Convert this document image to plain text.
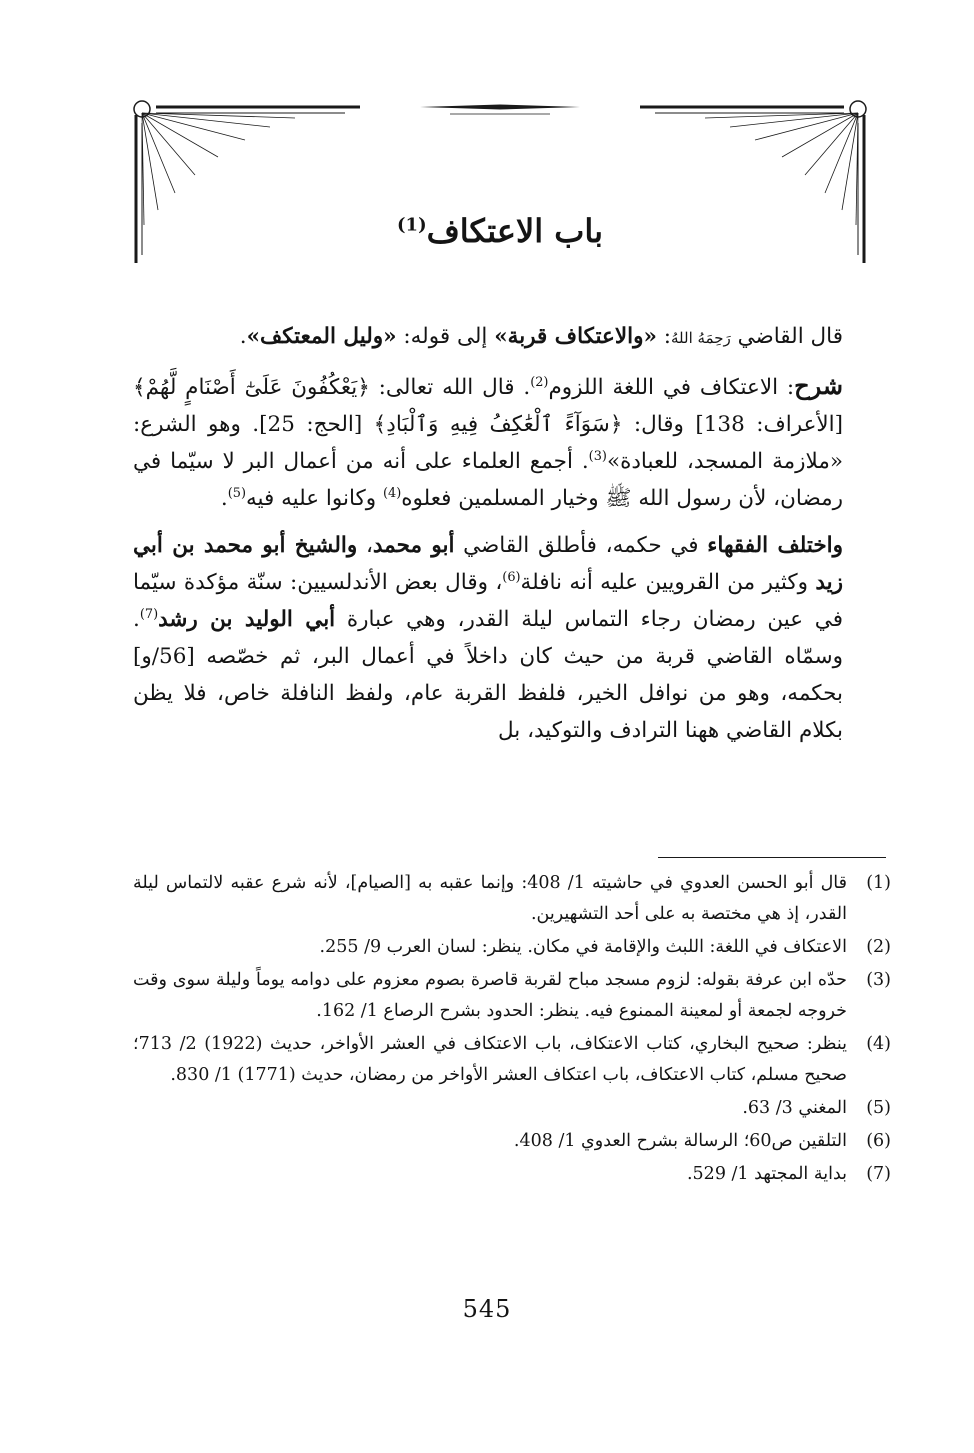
باب الاعتكاف$^{(1)}$

قال القاضي رَحِمَهُ اللهُ: «والاعتكاف قربة» إلى قوله: «وليل المعتكف».

شرح: الاعتكاف في اللغة اللزوم$^{(2)}$. قال الله تعالى: ﴿يَعْكُفُونَ عَلَىٰٓ أَصْنَامٍ لَّهُمْ﴾ [الأعراف: 138] وقال: ﴿سَوَآءً ٱلْعَٰكِفُ فِيهِ وَٱلْبَادِ﴾ [الحج: 25]. وهو الشرع: «ملازمة المسجد، للعبادة»$^{(3)}$. أجمع العلماء على أنه من أعمال البر لا سيّما في رمضان، لأن رسول الله ﷺ وخيار المسلمين فعلوه$^{(4)}$ وكانوا عليه فيه$^{(5)}$.

واختلف الفقهاء في حكمه، فأطلق القاضي أبو محمد، والشيخ أبو محمد بن أبي زيد وكثير من القرويين عليه أنه نافلة$^{(6)}$، وقال بعض الأندلسيين: سنّة مؤكدة سيّما في عين رمضان رجاء التماس ليلة القدر، وهي عبارة أبي الوليد بن رشد$^{(7)}$. وسمّاه القاضي قربة من حيث كان داخلاً في أعمال البر، ثم خصّصه [56/و] بحكمه، وهو من نوافل الخير، فلفظ القربة عام، ولفظ النافلة خاص، فلا يظن بكلام القاضي ههنا الترادف والتوكيد، بل

(1)
قال أبو الحسن العدوي في حاشيته 1/ 408: وإنما عقبه به [الصيام]، لأنه شرع عقبه لالتماس ليلة القدر، إذ هي مختصة به على أحد التشهيرين.
(2)
الاعتكاف في اللغة: اللبث والإقامة في مكان. ينظر: لسان العرب 9/ 255.
(3)
حدّه ابن عرفة بقوله: لزوم مسجد مباح لقربة قاصرة بصوم معزوم على دوامه يوماً وليلة سوى وقت خروجه لجمعة أو لمعينة الممنوع فيه. ينظر: الحدود بشرح الرصاع 1/ 162.
(4)
ينظر: صحيح البخاري، كتاب الاعتكاف، باب الاعتكاف في العشر الأواخر، حديث (1922) 2/ 713؛ صحيح مسلم، كتاب الاعتكاف، باب اعتكاف العشر الأواخر من رمضان، حديث (1771) 1/ 830.
(5)
المغني 3/ 63.
(6)
التلقين ص60؛ الرسالة بشرح العدوي 1/ 408.
(7)
بداية المجتهد 1/ 529.
545
